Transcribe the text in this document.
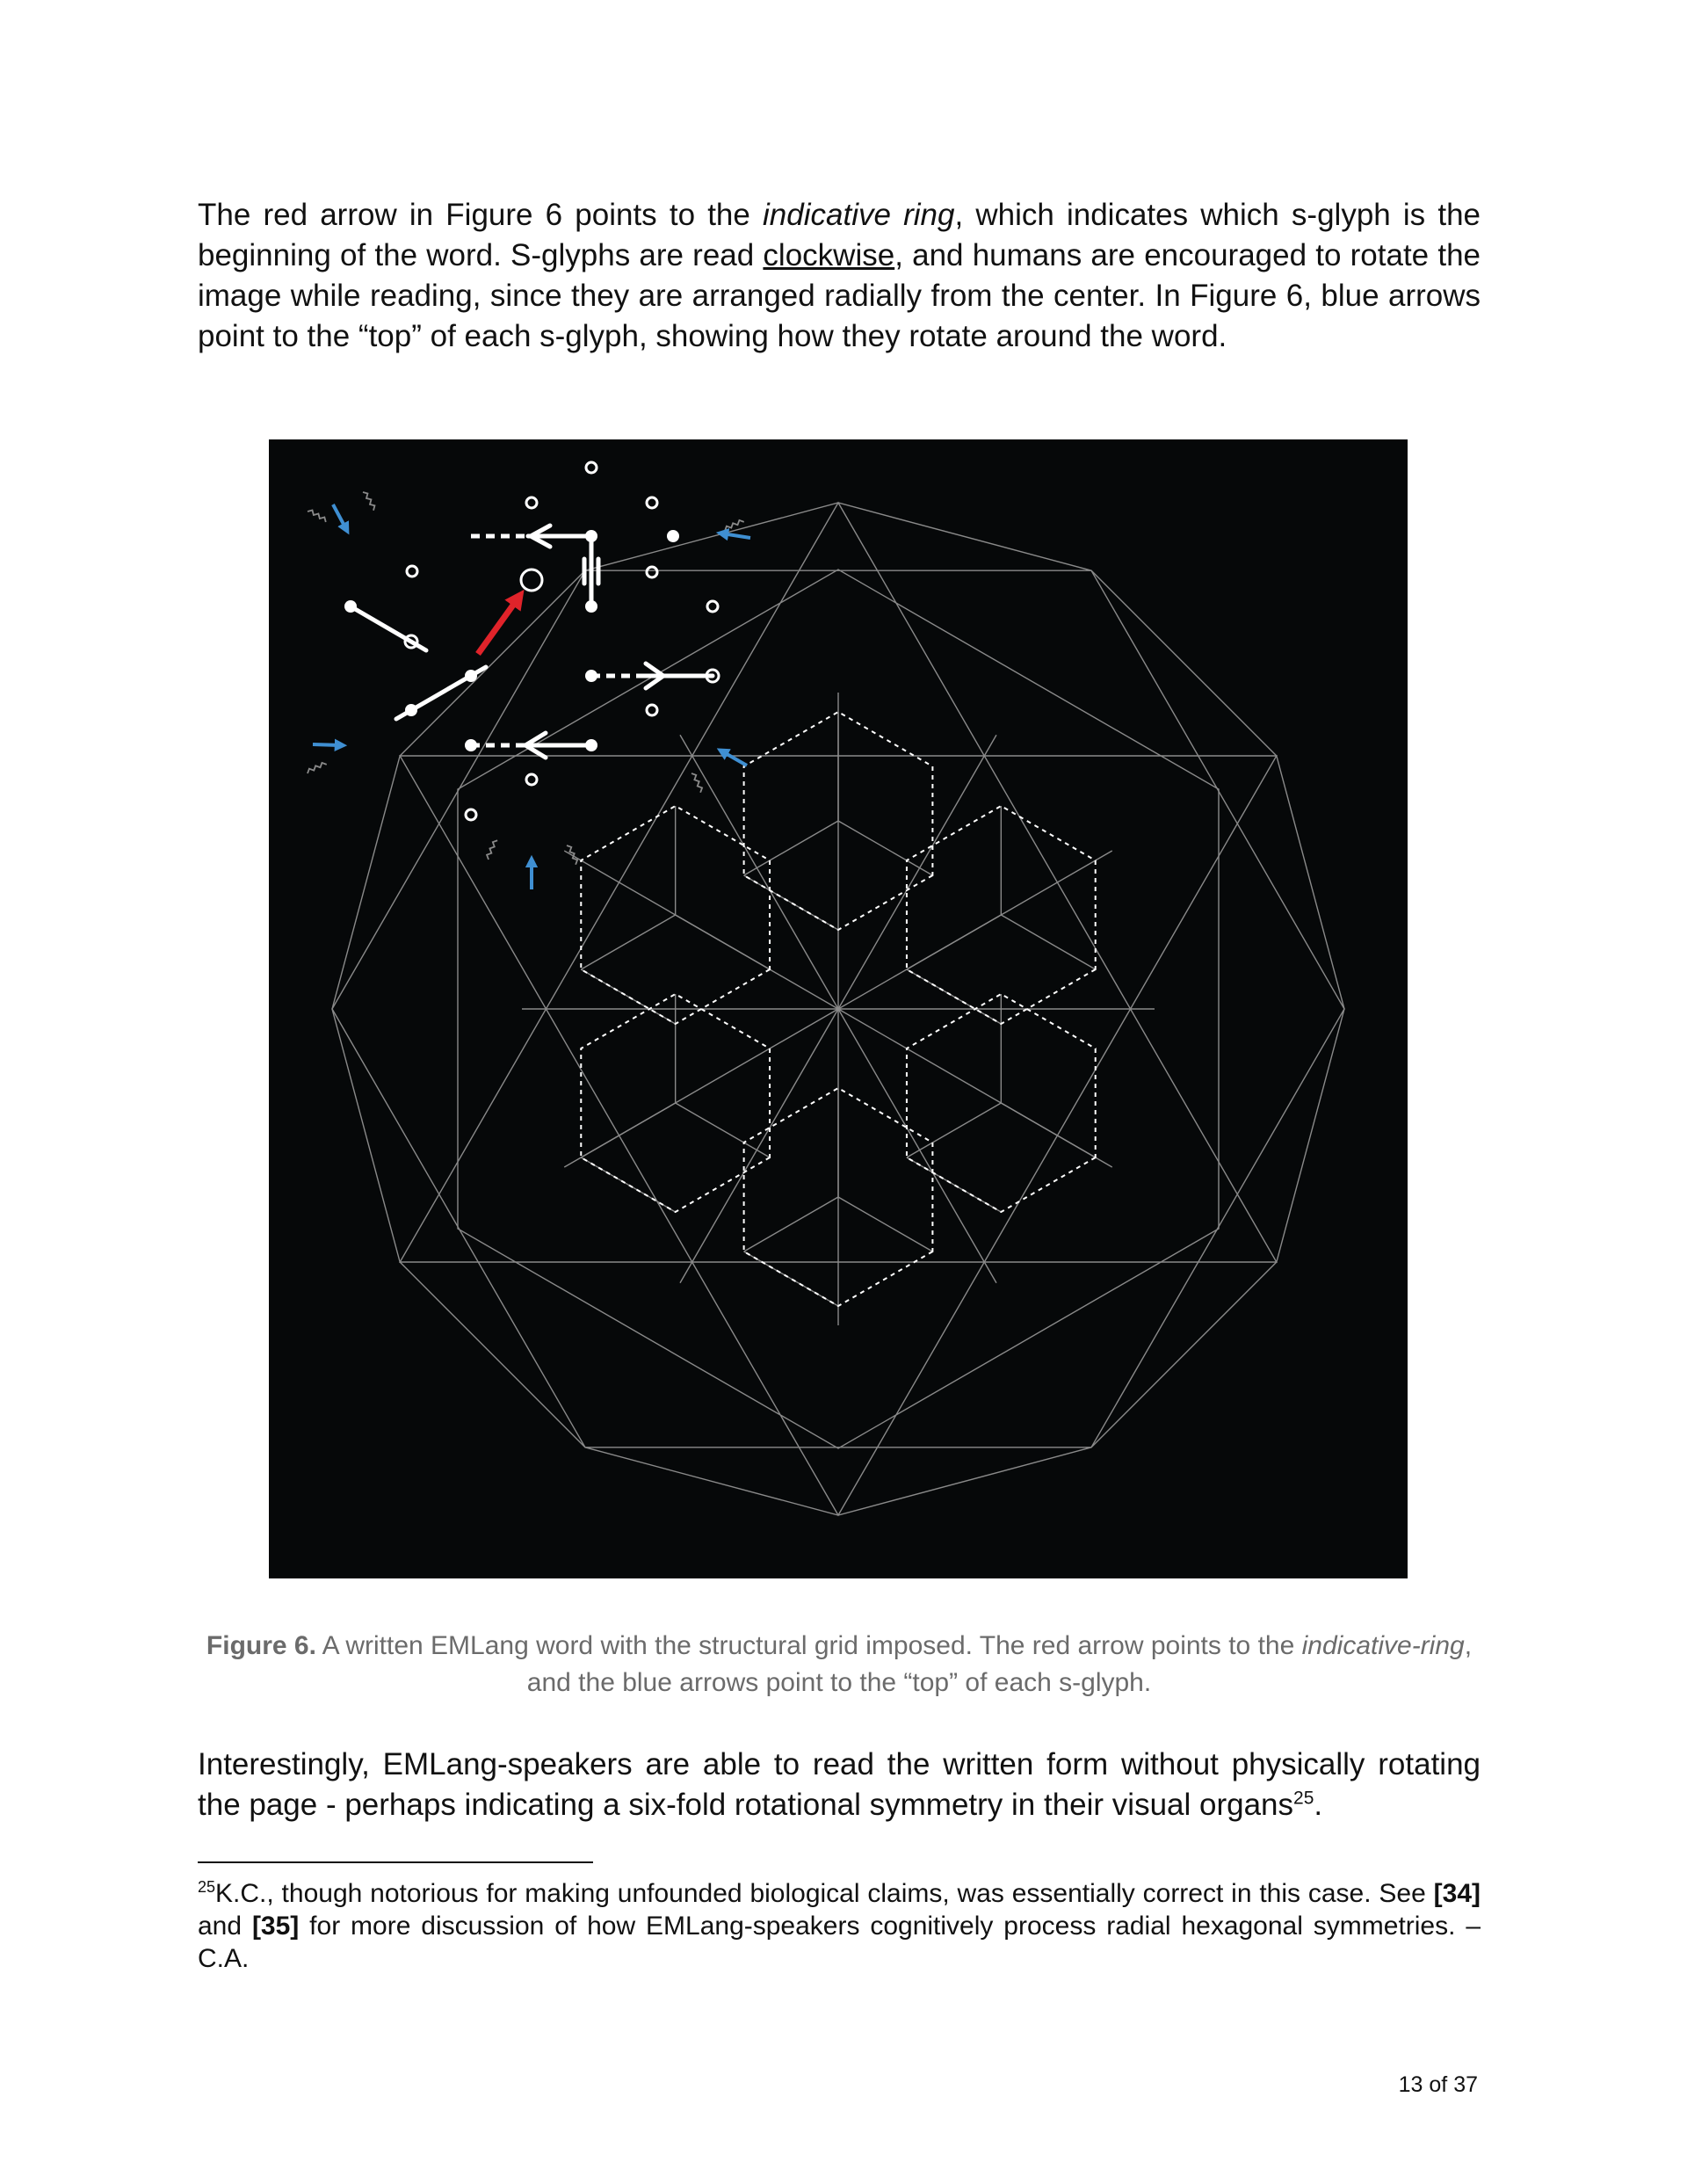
The red arrow in Figure 6 points to the indicative ring, which indicates which s-glyph is the beginning of the word. S-glyphs are read clockwise, and humans are encouraged to rotate the image while reading, since they are arranged radially from the center. In Figure 6, blue arrows point to the “top” of each s-glyph, showing how they rotate around the word.

Figure 6. A written EMLang word with the structural grid imposed. The red arrow points to the indicative-ring, and the blue arrows point to the “top” of each s-glyph.

Interestingly, EMLang-speakers are able to read the written form without physically rotating the page - perhaps indicating a six-fold rotational symmetry in their visual organs$^{25}$.

$^{25}$K.C., though notorious for making unfounded biological claims, was essentially correct in this case. See [34] and [35] for more discussion of how EMLang-speakers cognitively process radial hexagonal symmetries. – C.A.

13 of 37
